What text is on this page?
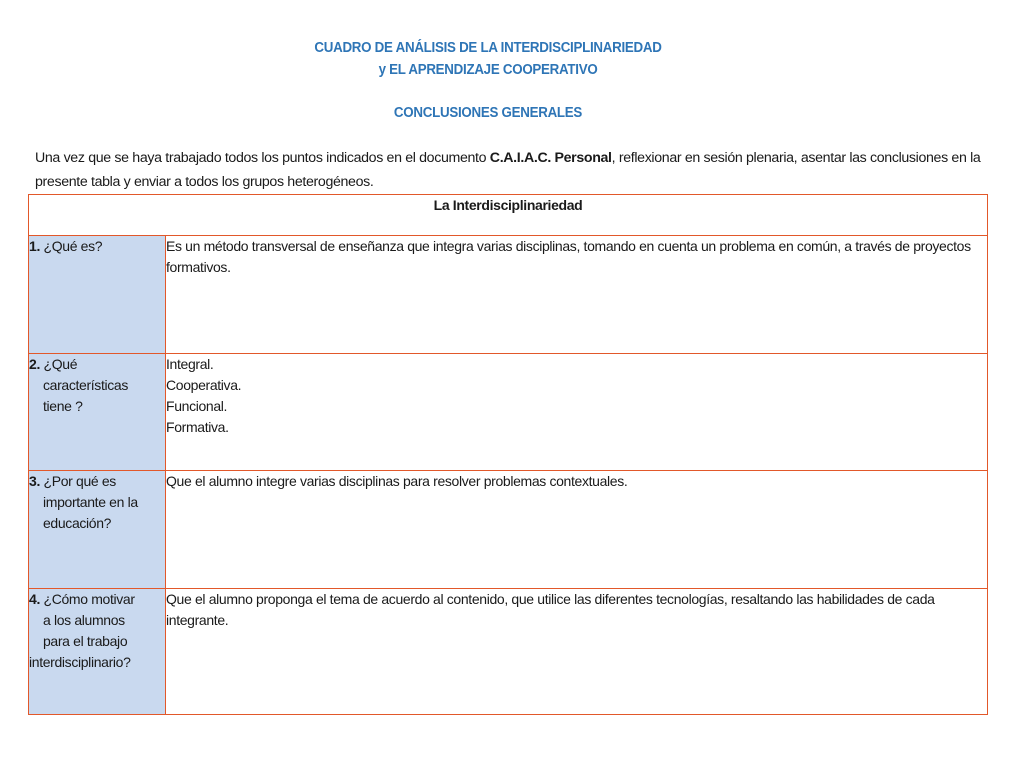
CUADRO DE ANÁLISIS DE LA INTERDISCIPLINARIEDAD
y EL APRENDIZAJE COOPERATIVO
CONCLUSIONES GENERALES
Una vez que se haya trabajado todos los puntos indicados en el documento C.A.I.A.C. Personal, reflexionar en sesión plenaria, asentar las conclusiones en la presente tabla y enviar a todos los grupos heterogéneos.
La Interdisciplinariedad	

1. ¿Qué es?	Es un método transversal de enseñanza que integra varias disciplinas, tomando en cuenta un problema en común, a través de proyectos formativos.

2. ¿Qué
características
tiene ?	Integral.
Cooperativa.
Funcional.
Formativa.

3. ¿Por qué es
importante en la
educación?	Que el alumno integre varias disciplinas para resolver problemas contextuales.

4. ¿Cómo motivar
a los alumnos
para el trabajo
interdisciplinario?	Que el alumno proponga el tema de acuerdo al contenido, que utilice las diferentes tecnologías, resaltando las habilidades de cada integrante.
